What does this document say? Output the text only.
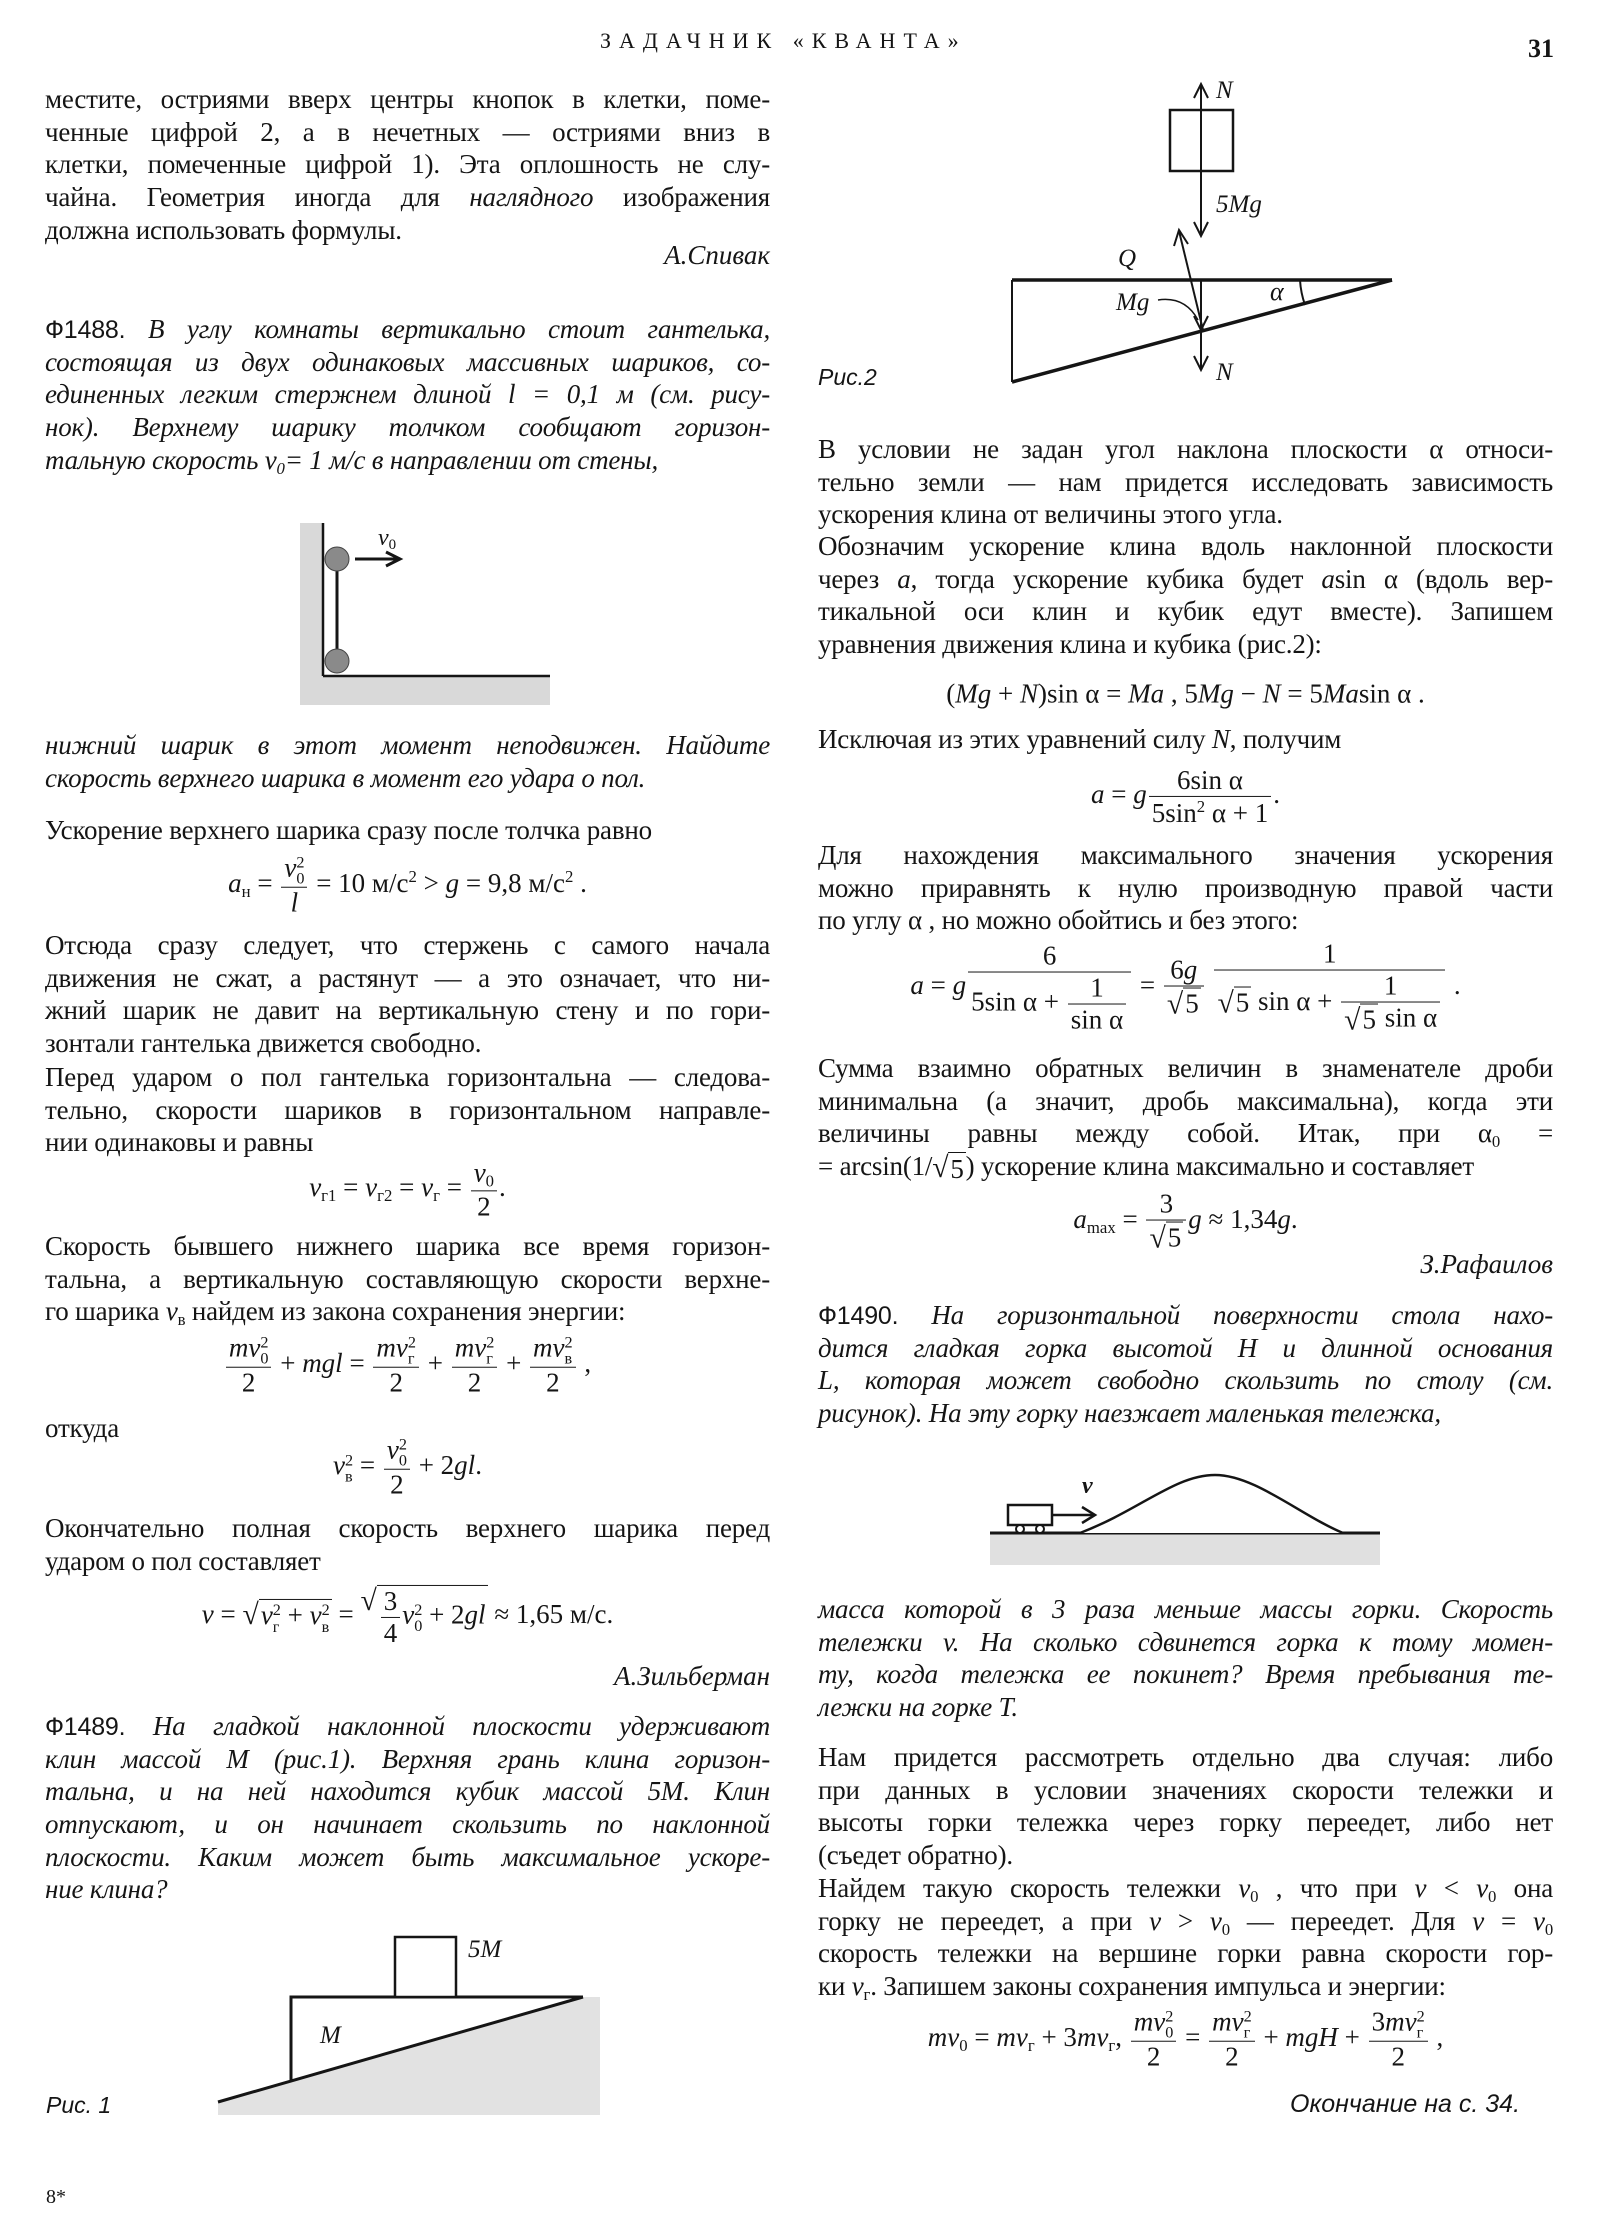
ЗАДАЧНИК «КВАНТА»	31
местите, остриями вверх центры кнопок в клетки, поме-
ченные цифрой 2, а в нечетных — остриями вниз в
клетки, помеченные цифрой 1). Эта оплошность не слу-
чайна. Геометрия иногда для наглядного изображения
должна использовать формулы.
А.Спивак
Ф1488. В углу комнаты вертикально стоит гантелька,
состоящая из двух одинаковых массивных шариков, со-
единенных легким стержнем длиной l = 0,1 м (см. рису-
нок). Верхнему шарику толчком сообщают горизон-
тальную скорость $v_0= 1$ м/с в направлении от стены,
v0
нижний шарик в этот момент неподвижен. Найдите
скорость верхнего шарика в момент его удара о пол.
Ускорение верхнего шарика сразу после толчка равно
$a_н = v$ 2
0
l = 10 $м/с^2 > g = 9,8$ $м/с^2$ .
Отсюда сразу следует, что стержень с самого начала
движения не сжат, а растянут — а это означает, что ни-
жний шарик не давит на вертикальную стену и по гори-
зонтали гантелька движется свободно.
Перед ударом о пол гантелька горизонтальна — следова-
тельно, скорости шариков в горизонтальном направле-
нии одинаковы и равны
$v_{г1} = v_{г2} = v_г = \frac{v_0}{2}$ .
Скорость бывшего нижнего шарика все время горизон-
тальна, а вертикальную составляющую скорости верхне-
го шарика $v_в$ найдем из закона сохранения энергии:
mv 2
0
2 + mgl = mv 2
г
2 + mv 2
г
2 + mv 2
в
2 ,
откуда
v 2
в = v 2
0
2 + 2gl.
Окончательно полная скорость верхнего шарика перед
ударом о пол составляет
v = √ v 2
г + v 2
в = √ $\frac{3}{4}$ v 2
0 + 2gl ≈ 1,65 м/с.
А.Зильберман
Ф1489. На гладкой наклонной плоскости удерживают
клин массой M (рис.1). Верхняя грань клина горизон-
тальна, и на ней находится кубик массой 5M. Клин
отпускают, и он начинает скользить по наклонной
плоскости. Каким может быть максимальное ускоре-
ние клина?
5M
M
Рис. 1
8*
N
5Mg
Q
Mg	α
N
Рис.2
В условии не задан угол наклона плоскости α относи-
тельно земли — нам придется исследовать зависимость
ускорения клина от величины этого угла.
Обозначим ускорение клина вдоль наклонной плоскости
через a, тогда ускорение кубика будет asin α (вдоль вер-
тикальной оси клин и кубик едут вместе). Запишем
уравнения движения клина и кубика (рис.2):
(Mg + N)sin α = Ma , 5Mg − N = 5Masin α .
Исключая из этих уравнений силу N, получим
a = g $\frac{\text{6sin α}}{5\sin^2 \alpha + 1}$ .
Для нахождения максимального значения ускорения
можно приравнять к нулю производную правой части
по углу α , но можно обойтись и без этого:
a = g $\frac{6}{5\sin \alpha + \frac{1}{\text{sin α}}} = \frac{6g}{√ 5}$
$\frac{1}{√ 5 \sin \alpha + \frac{1}{\text{√ 5 sin α}}}$ .
Сумма взаимно обратных величин в знаменателе дроби
минимальна (а значит, дробь максимальна), когда эти
величины равны между собой. Итак, при $\alpha_0$ =
= arcsin(1/ √ 5 ) ускорение клина максимально и составляет
$a_{max} = \frac{3}{√ 5}$ g ≈ 1,34g.
З.Рафаилов
Ф1490. На горизонтальной поверхности стола нахо-
дится гладкая горка высотой H и длинной основания
L, которая может свободно скользить по столу (см.
рисунок). На эту горку наезжает маленькая тележка,
v
масса которой в 3 раза меньше массы горки. Скорость
тележки v. На сколько сдвинется горка к тому момен-
ту, когда тележка ее покинет? Время пребывания те-
лежки на горке T.
Нам придется рассмотреть отдельно два случая: либо
при данных в условии значениях скорости тележки и
высоты горки тележка через горку переедет, либо нет
(съедет обратно).
Найдем такую скорость тележки $v_0$ , что при $v < v_0$ она
горку не переедет, а при $v > v_0$ — переедет. Для $v = v_0$
скорость тележки на вершине горки равна скорости гор-
ки $v_г$. Запишем законы сохранения импульса и энергии:
$mv_0 = mv_г + 3mv_г$, mv 2
0
2 = mv 2
г
2 + mgH + 3mv 2
г
2 ,
Окончание на с. 34.
